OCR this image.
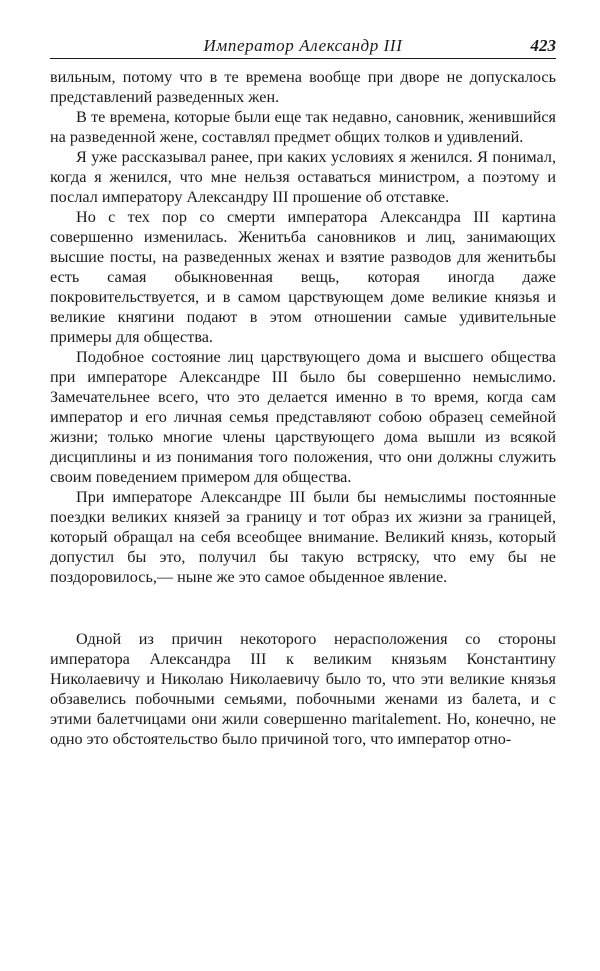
Император Александр III	423

вильным, потому что в те времена вообще при дворе не допускалось представлений разведенных жен.

В те времена, которые были еще так недавно, сановник, женившийся на разведенной жене, составлял предмет общих толков и удивлений.

Я уже рассказывал ранее, при каких условиях я женился. Я понимал, когда я женился, что мне нельзя оставаться министром, а поэтому и послал императору Александру III прошение об отставке.

Но с тех пор со смерти императора Александра III картина совершенно изменилась. Женитьба сановников и лиц, занимающих высшие посты, на разведенных женах и взятие разводов для женитьбы есть самая обыкновенная вещь, которая иногда даже покровительствуется, и в самом царствующем доме великие князья и великие княгини подают в этом отношении самые удивительные примеры для общества.

Подобное состояние лиц царствующего дома и высшего общества при императоре Александре III было бы совершенно немыслимо. Замечательнее всего, что это делается именно в то время, когда сам император и его личная семья представляют собою образец семейной жизни; только многие члены царствующего дома вышли из всякой дисциплины и из понимания того положения, что они должны служить своим поведением примером для общества.

При императоре Александре III были бы немыслимы постоянные поездки великих князей за границу и тот образ их жизни за границей, который обращал на себя всеобщее внимание. Великий князь, который допустил бы это, получил бы такую встряску, что ему бы не поздоровилось,— ныне же это самое обыденное явление.

Одной из причин некоторого нерасположения со стороны императора Александра III к великим князьям Константину Николаевичу и Николаю Николаевичу было то, что эти великие князья обзавелись побочными семьями, побочными женами из балета, и с этими балетчицами они жили совершенно maritalement. Но, конечно, не одно это обстоятельство было причиной того, что император отно-
